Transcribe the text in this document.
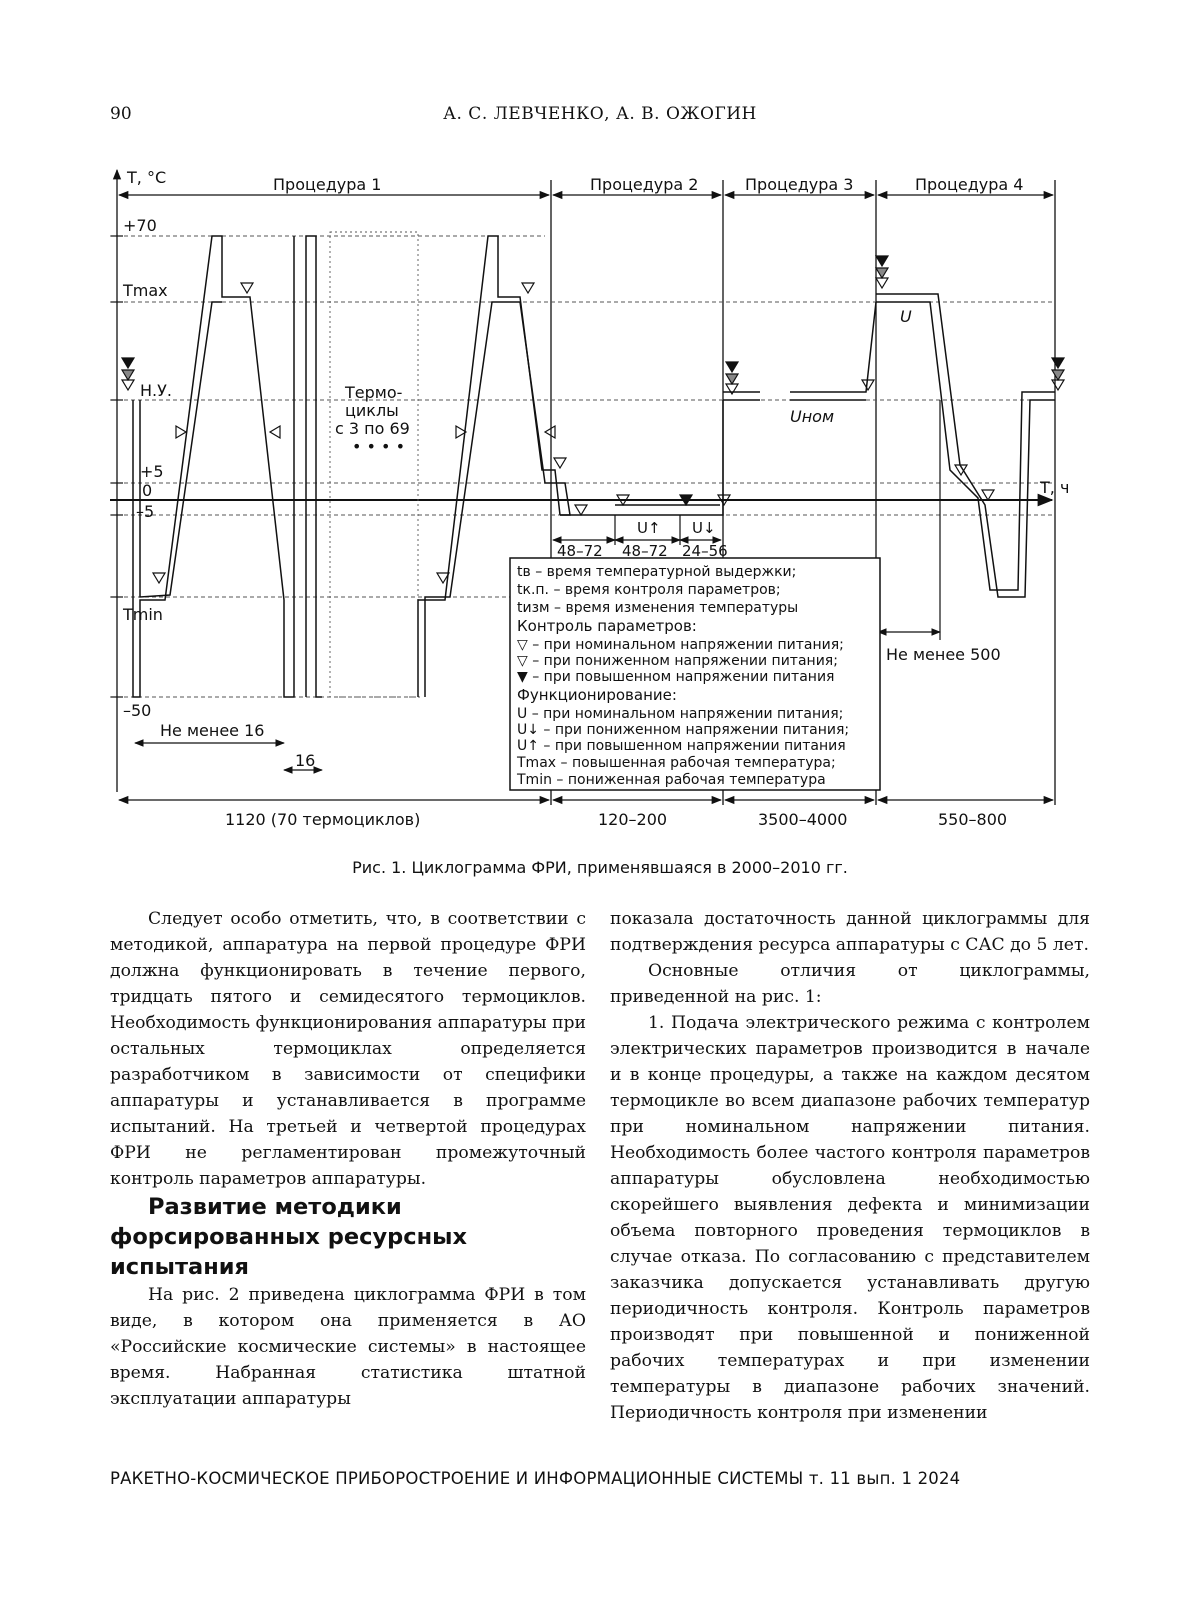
90	А. С. ЛЕВЧЕНКО, А. В. ОЖОГИН
T, °C
T, ч
Процедура 1	Процедура 2	Процедура 3	Процедура 4
+70
Tmax
Н.У.
+5
0
–5
Tmin
–50
Термо-
циклы
с 3 по 69
• • • •
48–72 48–72 24–56
U↑ U↓
U
Uном
Не менее 16
16
Не менее 500
1120 (70 термоциклов)	120–200	3500–4000	550–800
tв – время температурной выдержки;
tк.п. – время контроля параметров;
tизм – время изменения температуры
Контроль параметров:
▽ – при номинальном напряжении питания;
▽ – при пониженном напряжении питания;
▼ – при повышенном напряжении питания
Функционирование:
U – при номинальном напряжении питания;
U↓ – при пониженном напряжении питания;
U↑ – при повышенном напряжении питания
Tmax – повышенная рабочая температура;
Tmin – пониженная рабочая температура
Рис. 1. Циклограмма ФРИ, применявшаяся в 2000–2010 гг.

Следует особо отметить, что, в соответствии с методикой, аппаратура на первой процедуре ФРИ должна функционировать в течение первого, тридцать пятого и семидесятого термоциклов. Необходимость функционирования аппаратуры при остальных термоциклах определяется разработчиком в зависимости от специфики аппаратуры и устанавливается в программе испытаний. На третьей и четвертой процедурах ФРИ не регламентирован промежуточный контроль параметров аппаратуры.

Развитие методики форсированных ресурсных испытания

На рис. 2 приведена циклограмма ФРИ в том виде, в котором она применяется в АО «Российские космические системы» в настоящее время. Набранная статистика штатной эксплуатации аппаратуры

показала достаточность данной циклограммы для подтверждения ресурса аппаратуры с САС до 5 лет.

Основные отличия от циклограммы, приведенной на рис. 1:

1. Подача электрического режима с контролем электрических параметров производится в начале и в конце процедуры, а также на каждом десятом термоцикле во всем диапазоне рабочих температур при номинальном напряжении питания. Необходимость более частого контроля параметров аппаратуры обусловлена необходимостью скорейшего выявления дефекта и минимизации объема повторного проведения термоциклов в случае отказа. По согласованию с представителем заказчика допускается устанавливать другую периодичность контроля. Контроль параметров производят при повышенной и пониженной рабочих температурах и при изменении температуры в диапазоне рабочих значений. Периодичность контроля при изменении

РАКЕТНО-КОСМИЧЕСКОЕ ПРИБОРОСТРОЕНИЕ И ИНФОРМАЦИОННЫЕ СИСТЕМЫ т. 11 вып. 1 2024
